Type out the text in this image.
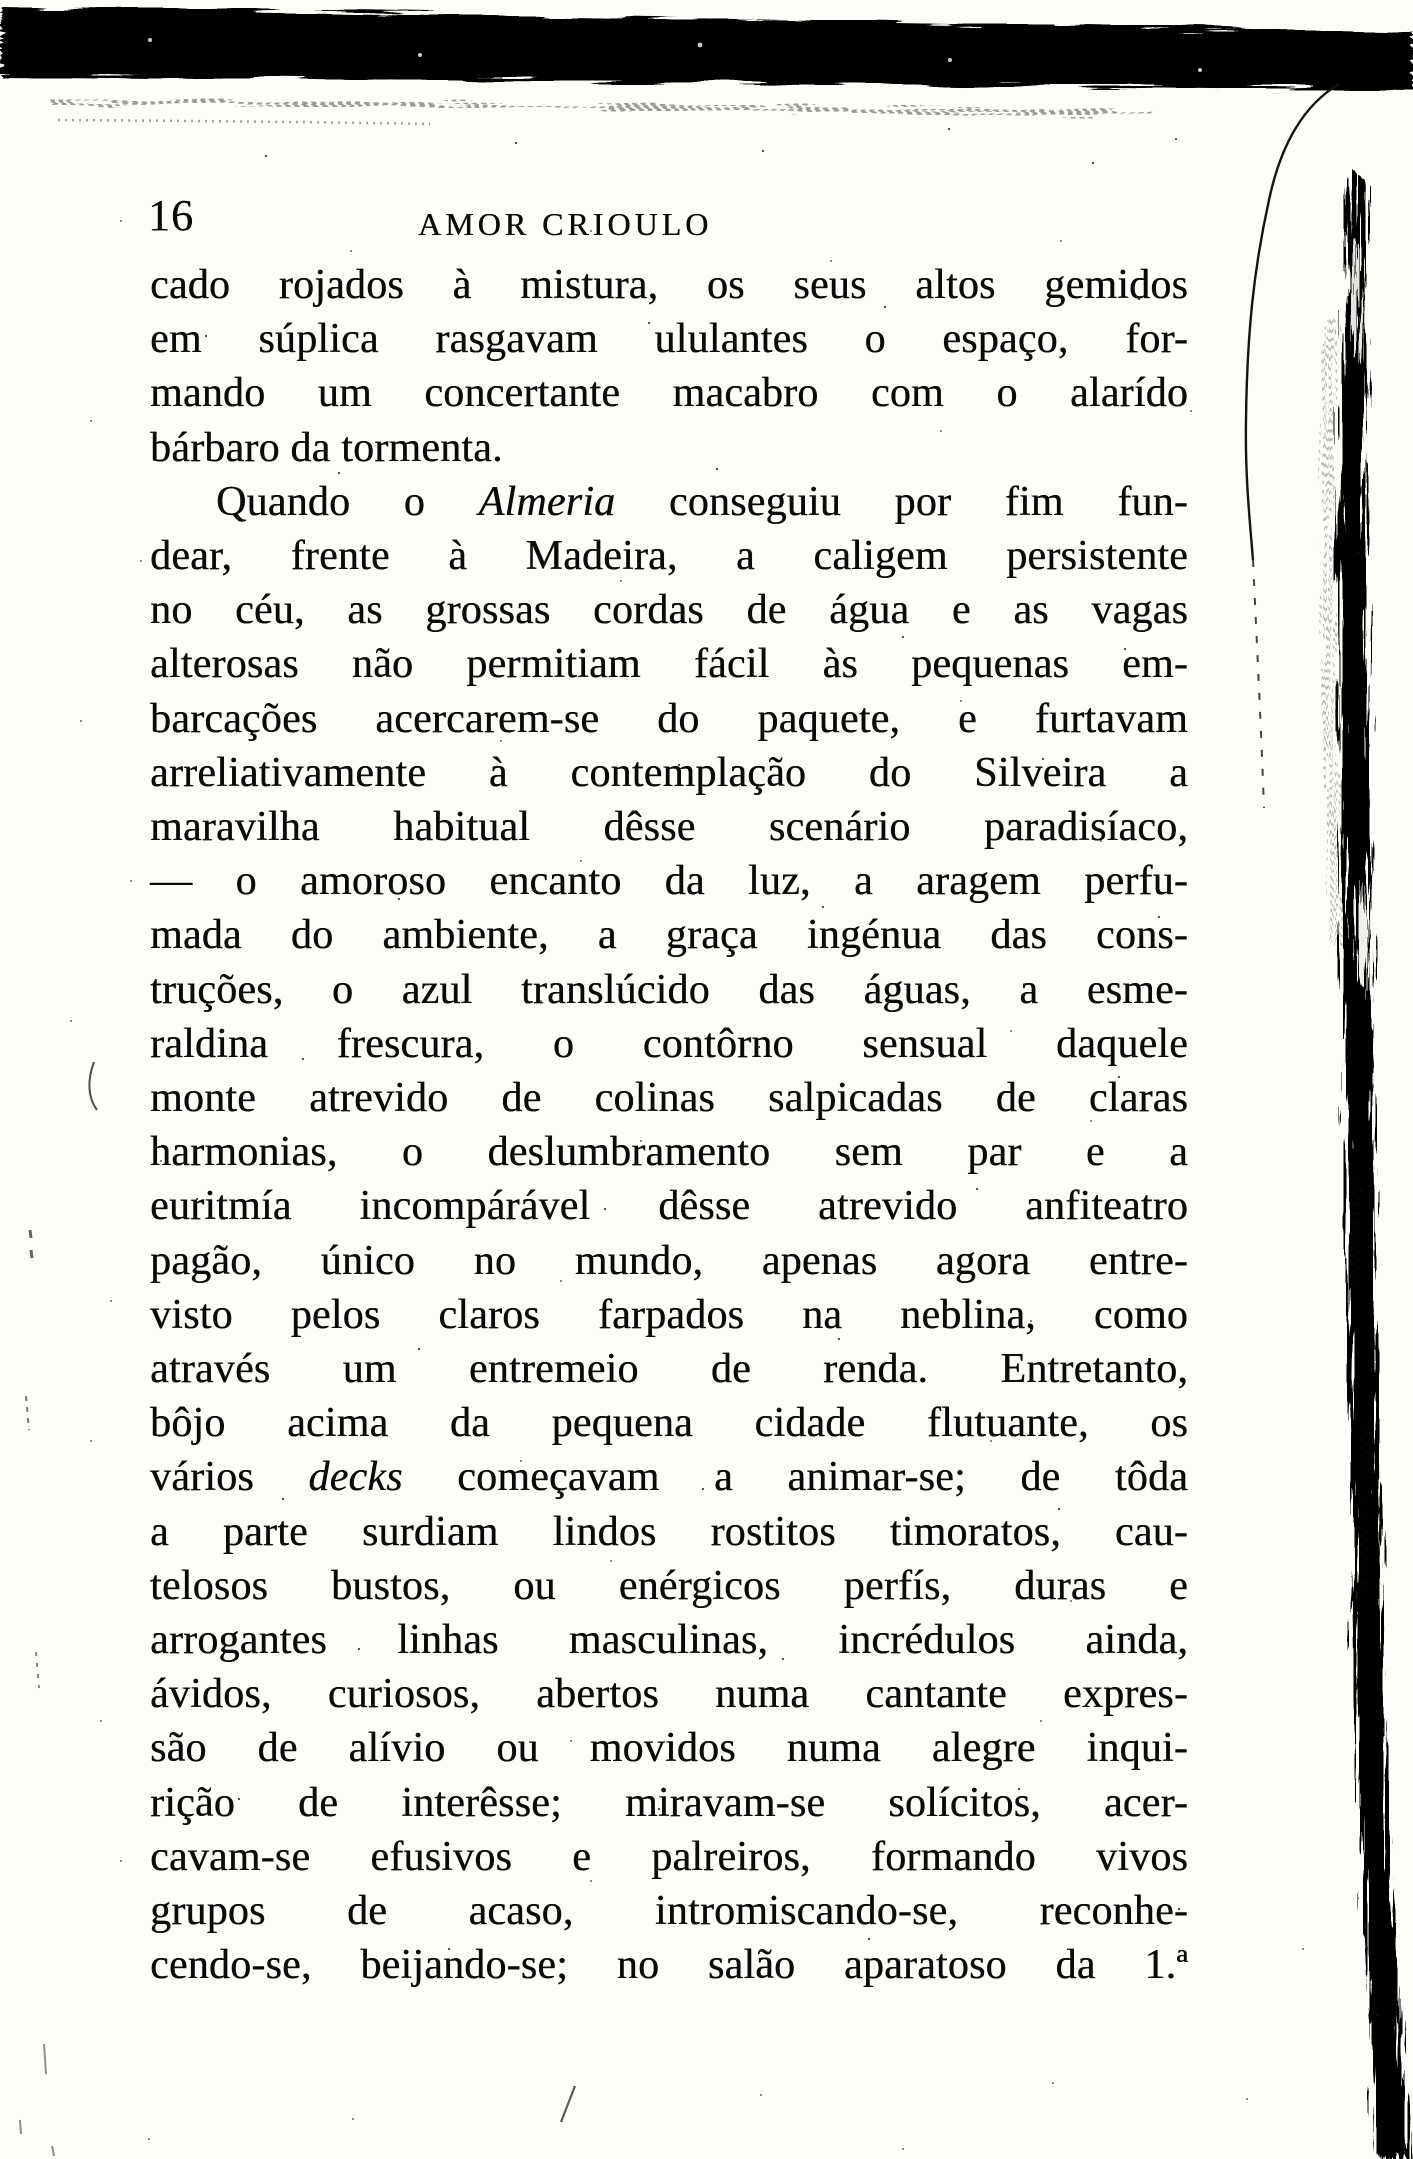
16	AMOR CRIOULO
cado rojados à mistura, os seus altos gemidos
em súplica rasgavam ululantes o espaço, for-
mando um concertante macabro com o alarído
bárbaro da tormenta.
Quando o Almeria conseguiu por fim fun-
dear, frente à Madeira, a caligem persistente
no céu, as grossas cordas de água e as vagas
alterosas não permitiam fácil às pequenas em-
barcações acercarem-se do paquete, e furtavam
arreliativamente à contemplação do Silveira a
maravilha habitual dêsse scenário paradisíaco,
— o amoroso encanto da luz, a aragem perfu-
mada do ambiente, a graça ingénua das cons-
truções, o azul translúcido das águas, a esme-
raldina frescura, o contôrno sensual daquele
monte atrevido de colinas salpicadas de claras
harmonias, o deslumbramento sem par e a
euritmía incompárável dêsse atrevido anfiteatro
pagão, único no mundo, apenas agora entre-
visto pelos claros farpados na neblina, como
através um entremeio de renda. Entretanto,
bôjo acima da pequena cidade flutuante, os
vários decks começavam a animar-se; de tôda
a parte surdiam lindos rostitos timoratos, cau-
telosos bustos, ou enérgicos perfís, duras e
arrogantes linhas masculinas, incrédulos ainda,
ávidos, curiosos, abertos numa cantante expres-
são de alívio ou movidos numa alegre inqui-
rição de interêsse; miravam-se solícitos, acer-
cavam-se efusivos e palreiros, formando vivos
grupos de acaso, intromiscando-se, reconhe-
cendo-se, beijando-se; no salão aparatoso da 1.ª
